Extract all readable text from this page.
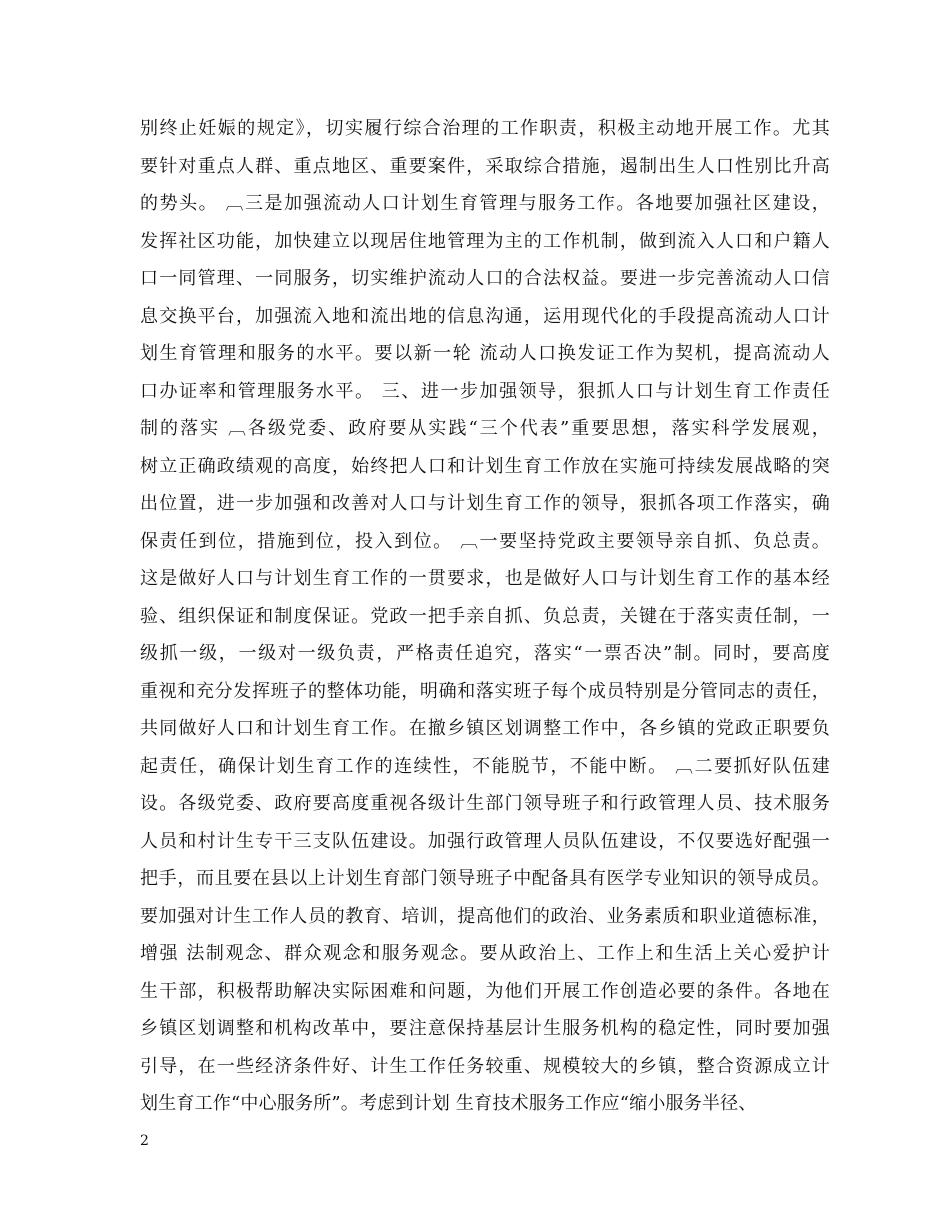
别终止妊娠的规定》，切实履行综合治理的工作职责，积极主动地开展工作。尤其
要针对重点人群、重点地区、重要案件，采取综合措施，遏制出生人口性别比升高
的势头。 ︹三是加强流动人口计划生育管理与服务工作。各地要加强社区建设，
发挥社区功能，加快建立以现居住地管理为主的工作机制，做到流入人口和户籍人
口一同管理、一同服务，切实维护流动人口的合法权益。要进一步完善流动人口信
息交换平台，加强流入地和流出地的信息沟通，运用现代化的手段提高流动人口计
划生育管理和服务的水平。要以新一轮 流动人口换发证工作为契机，提高流动人
口办证率和管理服务水平。 三、进一步加强领导，狠抓人口与计划生育工作责任
制的落实 ︹各级党委、政府要从实践“三个代表”重要思想，落实科学发展观，
树立正确政绩观的高度，始终把人口和计划生育工作放在实施可持续发展战略的突
出位置，进一步加强和改善对人口与计划生育工作的领导，狠抓各项工作落实，确
保责任到位，措施到位，投入到位。 ︹一要坚持党政主要领导亲自抓、负总责。
这是做好人口与计划生育工作的一贯要求，也是做好人口与计划生育工作的基本经
验、组织保证和制度保证。党政一把手亲自抓、负总责，关键在于落实责任制，一
级抓一级，一级对一级负责，严格责任追究，落实“一票否决”制。同时，要高度
重视和充分发挥班子的整体功能，明确和落实班子每个成员特别是分管同志的责任，
共同做好人口和计划生育工作。在撤乡镇区划调整工作中，各乡镇的党政正职要负
起责任，确保计划生育工作的连续性，不能脱节，不能中断。 ︹二要抓好队伍建
设。各级党委、政府要高度重视各级计生部门领导班子和行政管理人员、技术服务
人员和村计生专干三支队伍建设。加强行政管理人员队伍建设，不仅要选好配强一
把手，而且要在县以上计划生育部门领导班子中配备具有医学专业知识的领导成员。
要加强对计生工作人员的教育、培训，提高他们的政治、业务素质和职业道德标准，
增强 法制观念、群众观念和服务观念。要从政治上、工作上和生活上关心爱护计
生干部，积极帮助解决实际困难和问题，为他们开展工作创造必要的条件。各地在
乡镇区划调整和机构改革中，要注意保持基层计生服务机构的稳定性，同时要加强
引导，在一些经济条件好、计生工作任务较重、规模较大的乡镇，整合资源成立计
划生育工作“中心服务所”。考虑到计划 生育技术服务工作应“缩小服务半径、
2
